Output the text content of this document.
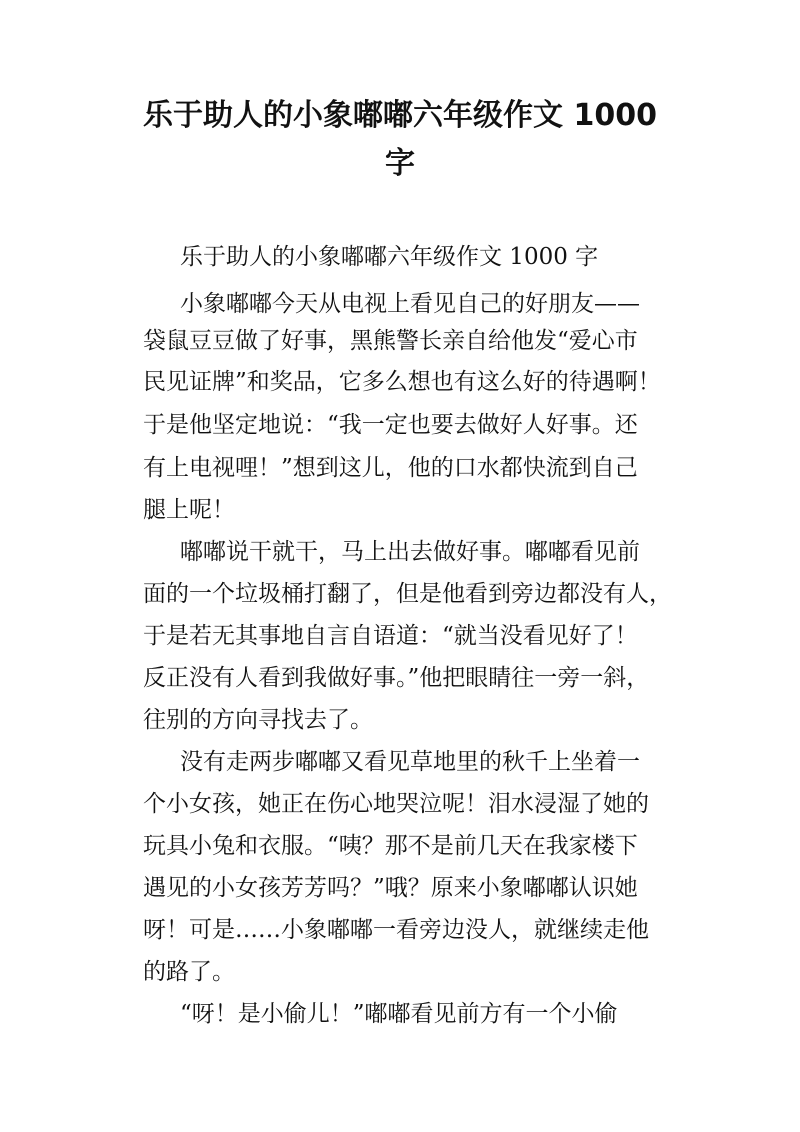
乐于助人的小象嘟嘟六年级作文 1000
字
乐于助人的小象嘟嘟六年级作文 1000 字
小象嘟嘟今天从电视上看见自己的好朋友——
袋鼠豆豆做了好事，黑熊警长亲自给他发“爱心市
民见证牌”和奖品，它多么想也有这么好的待遇啊！
于是他坚定地说：“我一定也要去做好人好事。还
有上电视哩！”想到这儿，他的口水都快流到自己
腿上呢！
嘟嘟说干就干，马上出去做好事。嘟嘟看见前
面的一个垃圾桶打翻了，但是他看到旁边都没有人，
于是若无其事地自言自语道：“就当没看见好了！
反正没有人看到我做好事。”他把眼睛往一旁一斜，
往别的方向寻找去了。
没有走两步嘟嘟又看见草地里的秋千上坐着一
个小女孩，她正在伤心地哭泣呢！泪水浸湿了她的
玩具小兔和衣服。“咦？那不是前几天在我家楼下
遇见的小女孩芳芳吗？”哦？原来小象嘟嘟认识她
呀！可是……小象嘟嘟一看旁边没人，就继续走他
的路了。
“呀！是小偷儿！”嘟嘟看见前方有一个小偷
